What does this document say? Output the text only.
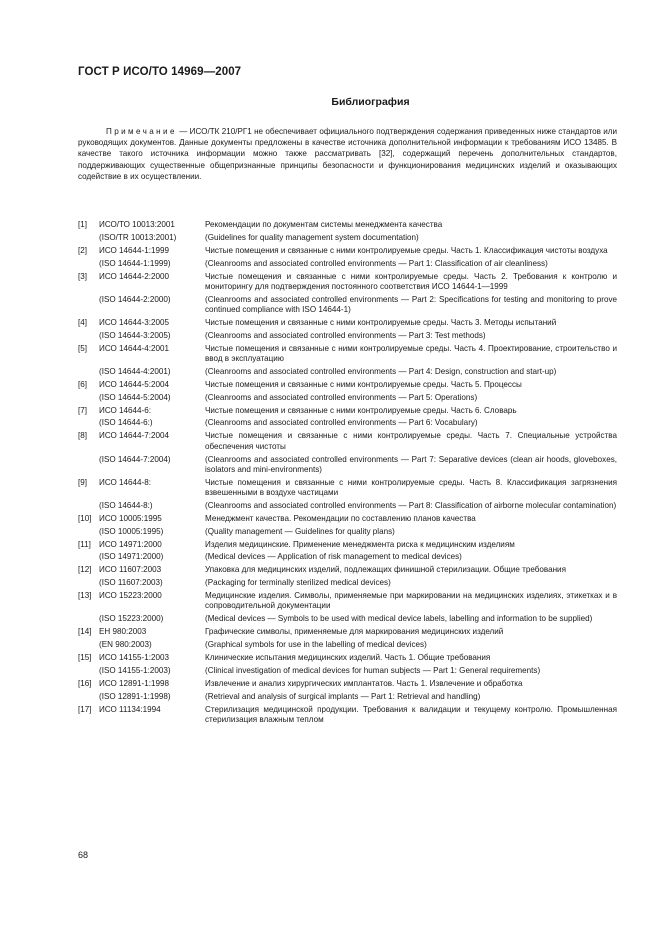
ГОСТ Р ИСО/ТО 14969—2007
Библиография
Примечание — ИСО/ТК 210/РГ1 не обеспечивает официального подтверждения содержания приведенных ниже стандартов или руководящих документов. Данные документы предложены в качестве источника дополнительной информации к требованиям ИСО 13485. В качестве такого источника информации можно также рассматривать [32], содержащий перечень дополнительных стандартов, поддерживающих существенные общепризнанные принципы безопасности и функционирования медицинских изделий и оказывающих содействие в их осуществлении.
[1]	ИСО/ТО 10013:2001	Рекомендации по документам системы менеджмента качества
(ISO/TR 10013:2001)	(Guidelines for quality management system documentation)
[2]	ИСО 14644-1:1999	Чистые помещения и связанные с ними контролируемые среды. Часть 1. Классификация чистоты воздуха
(ISO 14644-1:1999)	(Cleanrooms and associated controlled environments — Part 1: Classification of air cleanliness)
[3]	ИСО 14644-2:2000	Чистые помещения и связанные с ними контролируемые среды. Часть 2. Требования к контролю и мониторингу для подтверждения постоянного соответствия ИСО 14644-1—1999
(ISO 14644-2:2000)	(Cleanrooms and associated controlled environments — Part 2: Specifications for testing and monitoring to prove continued compliance with ISO 14644-1)
[4]	ИСО 14644-3:2005	Чистые помещения и связанные с ними контролируемые среды. Часть 3. Методы испытаний
(ISO 14644-3:2005)	(Cleanrooms and associated controlled environments — Part 3: Test methods)
[5]	ИСО 14644-4:2001	Чистые помещения и связанные с ними контролируемые среды. Часть 4. Проектирование, строительство и ввод в эксплуатацию
(ISO 14644-4:2001)	(Cleanrooms and associated controlled environments — Part 4: Design, construction and start-up)
[6]	ИСО 14644-5:2004	Чистые помещения и связанные с ними контролируемые среды. Часть 5. Процессы
(ISO 14644-5:2004)	(Cleanrooms and associated controlled environments — Part 5: Operations)
[7]	ИСО 14644-6:	Чистые помещения и связанные с ними контролируемые среды. Часть 6. Словарь
(ISO 14644-6:)	(Cleanrooms and associated controlled environments — Part 6: Vocabulary)
[8]	ИСО 14644-7:2004	Чистые помещения и связанные с ними контролируемые среды. Часть 7. Специальные устройства обеспечения чистоты
(ISO 14644-7:2004)	(Cleanrooms and associated controlled environments — Part 7: Separative devices (clean air hoods, gloveboxes, isolators and mini-environments)
[9]	ИСО 14644-8:	Чистые помещения и связанные с ними контролируемые среды. Часть 8. Классификация загрязнения взвешенными в воздухе частицами
(ISO 14644-8:)	(Cleanrooms and associated controlled environments — Part 8: Classification of airborne molecular contamination)
[10] ИСО 10005:1995	Менеджмент качества. Рекомендации по составлению планов качества
(ISO 10005:1995)	(Quality management — Guidelines for quality plans)
[11] ИСО 14971:2000	Изделия медицинские. Применение менеджмента риска к медицинским изделиям
(ISO 14971:2000)	(Medical devices — Application of risk management to medical devices)
[12] ИСО 11607:2003	Упаковка для медицинских изделий, подлежащих финишной стерилизации. Общие требования
(ISO 11607:2003)	(Packaging for terminally sterilized medical devices)
[13] ИСО 15223:2000	Медицинские изделия. Символы, применяемые при маркировании на медицинских изделиях, этикетках и в сопроводительной документации
(ISO 15223:2000)	(Medical devices — Symbols to be used with medical device labels, labelling and information to be supplied)
[14] ЕН 980:2003	Графические символы, применяемые для маркирования медицинских изделий
(EN 980:2003)	(Graphical symbols for use in the labelling of medical devices)
[15] ИСО 14155-1:2003	Клинические испытания медицинских изделий. Часть 1. Общие требования
(ISO 14155-1:2003)	(Clinical investigation of medical devices for human subjects — Part 1: General requirements)
[16] ИСО 12891-1:1998	Извлечение и анализ хирургических имплантатов. Часть 1. Извлечение и обработка
(ISO 12891-1:1998)	(Retrieval and analysis of surgical implants — Part 1: Retrieval and handling)
[17] ИСО 11134:1994	Стерилизация медицинской продукции. Требования к валидации и текущему контролю. Промышленная стерилизация влажным теплом
68
